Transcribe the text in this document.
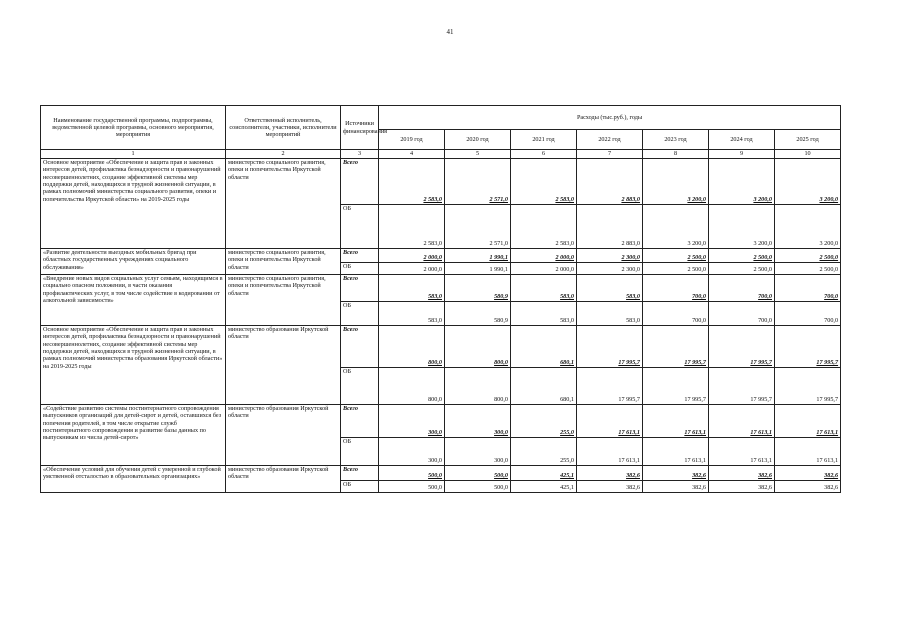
41
Наименование государственной программы, подпрограммы, ведомственной целевой программы, основного мероприятия, мероприятия	Ответственный исполнитель, соисполнители, участники, исполнители мероприятий	Источники финансирования	Расходы (тыс.руб.), годы						
			2019 год	2020 год	2021 год	2022 год	2023 год	2024 год	2025 год
1	2	3	4	5	6	7	8	9	10
Основное мероприятие «Обеспечение и защита прав и законных интересов детей, профилактика безнадзорности и правонарушений несовершеннолетних, создание эффективной системы мер поддержки детей, находящихся в трудной жизненной ситуации, в рамках полномочий министерства социального развития, опеки и попечительства Иркутской области» на 2019-2025 годы	министерство социального развития, опеки и попечительства Иркутской области	Всего	2 583,0	2 571,0	2 583,0	2 883,0	3 200,0	3 200,0	3 200,0
		ОБ	2 583,0	2 571,0	2 583,0	2 883,0	3 200,0	3 200,0	3 200,0
«Развитие деятельности выездных мобильных бригад при областных государственных учреждениях социального обслуживания»	министерство социального развития, опеки и попечительства Иркутской области	Всего	2 000,0	1 990,1	2 000,0	2 300,0	2 500,0	2 500,0	2 500,0
		ОБ	2 000,0	1 990,1	2 000,0	2 300,0	2 500,0	2 500,0	2 500,0
«Внедрение новых видов социальных услуг семьям, находящимся в социально опасном положении, в части оказания профилактических услуг, в том числе содействие в кодировании от алкогольной зависимости»	министерство социального развития, опеки и попечительства Иркутской области	Всего	583,0	580,9	583,0	583,0	700,0	700,0	700,0
		ОБ	583,0	580,9	583,0	583,0	700,0	700,0	700,0
Основное мероприятие «Обеспечение и защита прав и законных интересов детей, профилактика безнадзорности и правонарушений несовершеннолетних, создание эффективной системы мер поддержки детей, находящихся в трудной жизненной ситуации, в рамках полномочий министерства образования Иркутской области» на 2019-2025 годы	министерство образования Иркутской области	Всего	800,0	800,0	680,1	17 995,7	17 995,7	17 995,7	17 995,7
		ОБ	800,0	800,0	680,1	17 995,7	17 995,7	17 995,7	17 995,7
«Содействие развитию системы постинтернатного сопровождения выпускников организаций для детей-сирот и детей, оставшихся без попечения родителей, в том числе открытие служб постинтернатного сопровождения и развитие базы данных по выпускникам из числа детей-сирот»	министерство образования Иркутской области	Всего	300,0	300,0	255,0	17 613,1	17 613,1	17 613,1	17 613,1
		ОБ	300,0	300,0	255,0	17 613,1	17 613,1	17 613,1	17 613,1
«Обеспечение условий для обучения детей с умеренной и глубокой умственной отсталостью в образовательных организациях»	министерство образования Иркутской области	Всего	500,0	500,0	425,1	382,6	382,6	382,6	382,6
		ОБ	500,0	500,0	425,1	382,6	382,6	382,6	382,6
